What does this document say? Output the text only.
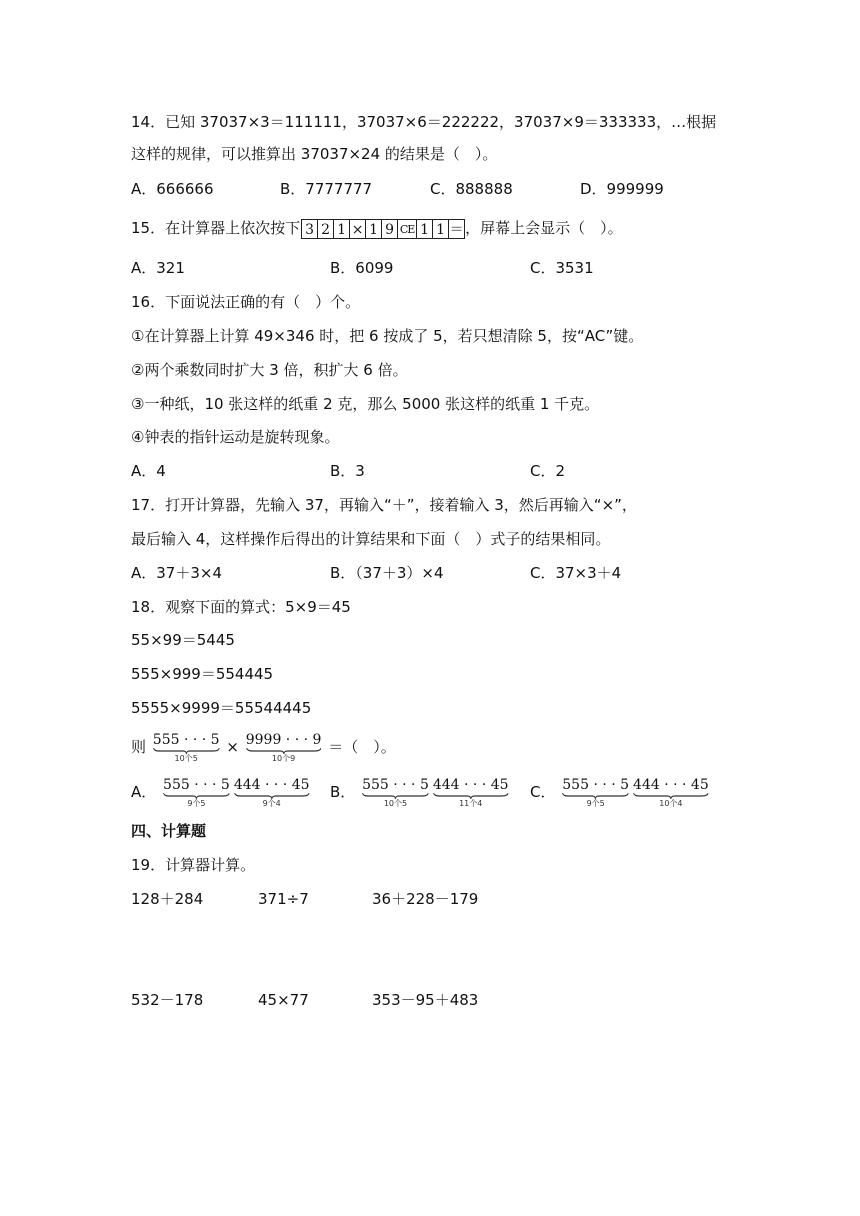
14．已知 37037×3＝111111，37037×6＝222222，37037×9＝333333，…根据
这样的规律，可以推算出 37037×24 的结果是（　）。
A．666666	B．7777777	C．888888	D．999999
15．在计算器上依次按下 3 2 1 × 1 9 CE 1 1 ＝ ，屏幕上会显示（　）。
A．321	B．6099	C．3531
16．下面说法正确的有（　）个。
①在计算器上计算 49×346 时，把 6 按成了 5，若只想清除 5，按“AC”键。
②两个乘数同时扩大 3 倍，积扩大 6 倍。
③一种纸，10 张这样的纸重 2 克，那么 5000 张这样的纸重 1 千克。
④钟表的指针运动是旋转现象。
A．4	B．3	C．2
17．打开计算器，先输入 37，再输入“＋”，接着输入 3，然后再输入“×”，
最后输入 4，这样操作后得出的计算结果和下面（　）式子的结果相同。
A．37＋3×4	B．（37＋3）×4	C．37×3＋4
18．观察下面的算式：5×9＝45
55×99＝5445
555×999＝554445
5555×9999＝55544445
则 555 · · · 5
10个5
× 9999 · · · 9
10个9
＝（　）。
A． 555 · · · 5
9个5
444 · · · 45
9个4
B． 555 · · · 5
10个5
444 · · · 45
11个4
C． 555 · · · 5
9个5
444 · · · 45
10个4
四、计算题
19．计算器计算。
128＋284	371÷7	36＋228－179
532－178	45×77	353－95＋483
